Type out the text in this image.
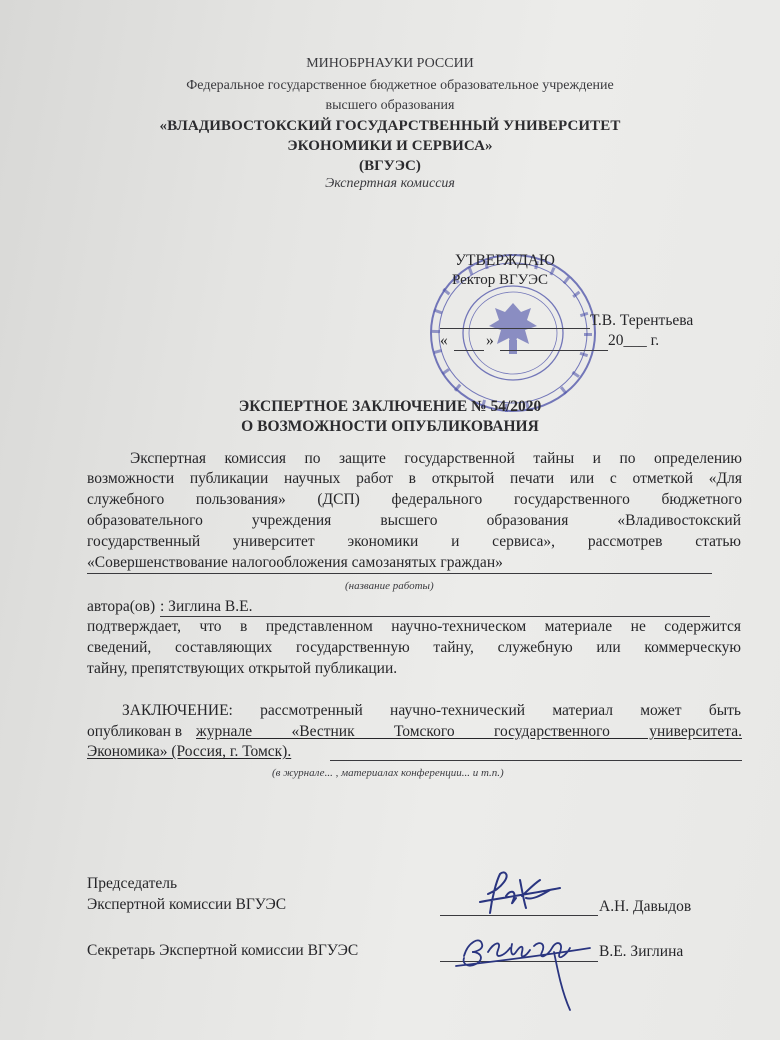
МИНОБРНАУКИ РОССИИ
Федеральное государственное бюджетное образовательное учреждение
высшего образования
«ВЛАДИВОСТОКСКИЙ ГОСУДАРСТВЕННЫЙ УНИВЕРСИТЕТ
ЭКОНОМИКИ И СЕРВИСА»
(ВГУЭС)
Экспертная комиссия
УТВЕРЖДАЮ
Ректор ВГУЭС
Т.В. Терентьева
« »	20___ г.
ЭКСПЕРТНОЕ ЗАКЛЮЧЕНИЕ № 54/2020
О ВОЗМОЖНОСТИ ОПУБЛИКОВАНИЯ
Экспертная комиссия по защите государственной тайны и по определению
возможности публикации научных работ в открытой печати или с отметкой «Для
служебного пользования» (ДСП) федерального государственного бюджетного
образовательного учреждения высшего образования «Владивостокский
государственный университет экономики и сервиса», рассмотрев статью
«Совершенствование налогообложения самозанятых граждан»
(название работы)
автора(ов) : Зиглина В.Е.
подтверждает, что в представленном научно-техническом материале не содержится
сведений, составляющих государственную тайну, служебную или коммерческую
тайну, препятствующих открытой публикации.
ЗАКЛЮЧЕНИЕ: рассмотренный научно-технический материал может быть
опубликован в журнале «Вестник Томского государственного университета.
Экономика» (Россия, г. Томск).
(в журнале... , материалах конференции... и т.п.)
Председатель
Экспертной комиссии ВГУЭС	А.Н. Давыдов
Секретарь Экспертной комиссии ВГУЭС	В.Е. Зиглина
